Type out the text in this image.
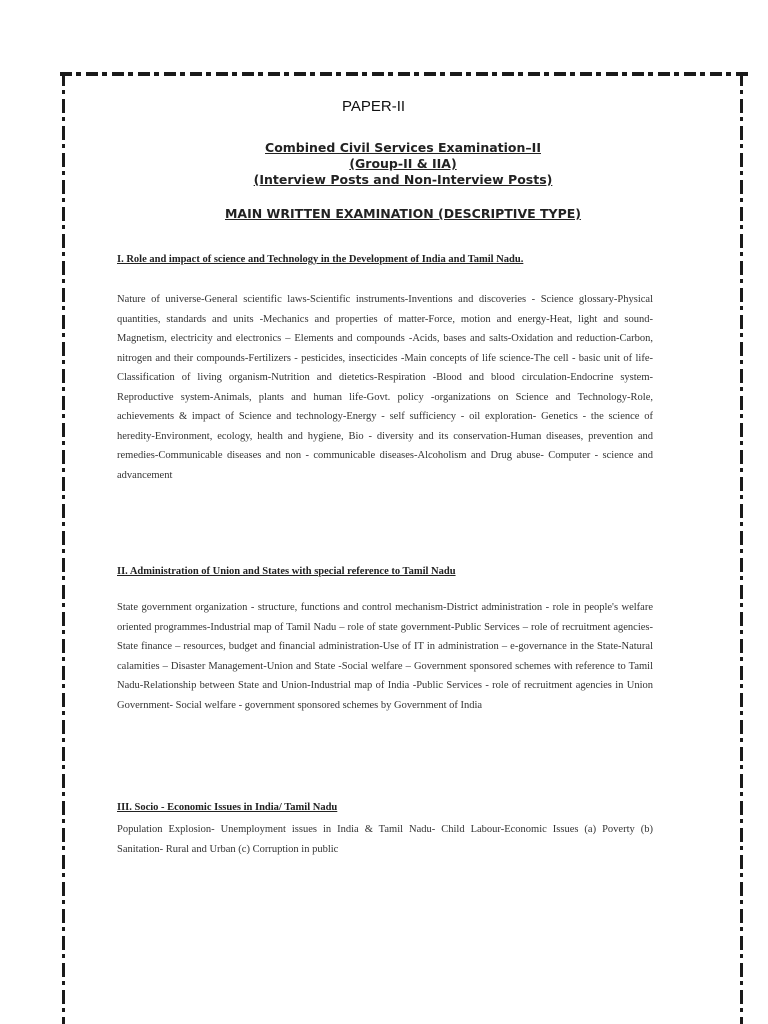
PAPER-II
Combined Civil Services Examination–II
(Group-II & IIA)
(Interview Posts and Non-Interview Posts)
MAIN WRITTEN EXAMINATION (DESCRIPTIVE TYPE)
I. Role and impact of science and Technology in the Development of India and Tamil Nadu.
Nature of universe-General scientific laws-Scientific instruments-Inventions and discoveries - Science glossary-Physical quantities, standards and units -Mechanics and properties of matter-Force, motion and energy-Heat, light and sound-Magnetism, electricity and electronics – Elements and compounds -Acids, bases and salts-Oxidation and reduction-Carbon, nitrogen and their compounds-Fertilizers - pesticides, insecticides -Main concepts of life science-The cell - basic unit of life-Classification of living organism-Nutrition and dietetics-Respiration -Blood and blood circulation-Endocrine system-Reproductive system-Animals, plants and human life-Govt. policy -organizations on Science and Technology-Role, achievements & impact of Science and technology-Energy - self sufficiency - oil exploration- Genetics - the science of heredity-Environment, ecology, health and hygiene, Bio - diversity and its conservation-Human diseases, prevention and remedies-Communicable diseases and non - communicable diseases-Alcoholism and Drug abuse- Computer - science and advancement
II. Administration of Union and States with special reference to Tamil Nadu
State government organization - structure, functions and control mechanism-District administration - role in people's welfare oriented programmes-Industrial map of Tamil Nadu – role of state government-Public Services – role of recruitment agencies-State finance – resources, budget and financial administration-Use of IT in administration – e-governance in the State-Natural calamities – Disaster Management-Union and State -Social welfare – Government sponsored schemes with reference to Tamil Nadu-Relationship between State and Union-Industrial map of India -Public Services - role of recruitment agencies in Union Government- Social welfare - government sponsored schemes by Government of India
III. Socio - Economic Issues in India/ Tamil Nadu
Population Explosion- Unemployment issues in India & Tamil Nadu- Child Labour-Economic Issues (a) Poverty (b) Sanitation- Rural and Urban (c) Corruption in public
